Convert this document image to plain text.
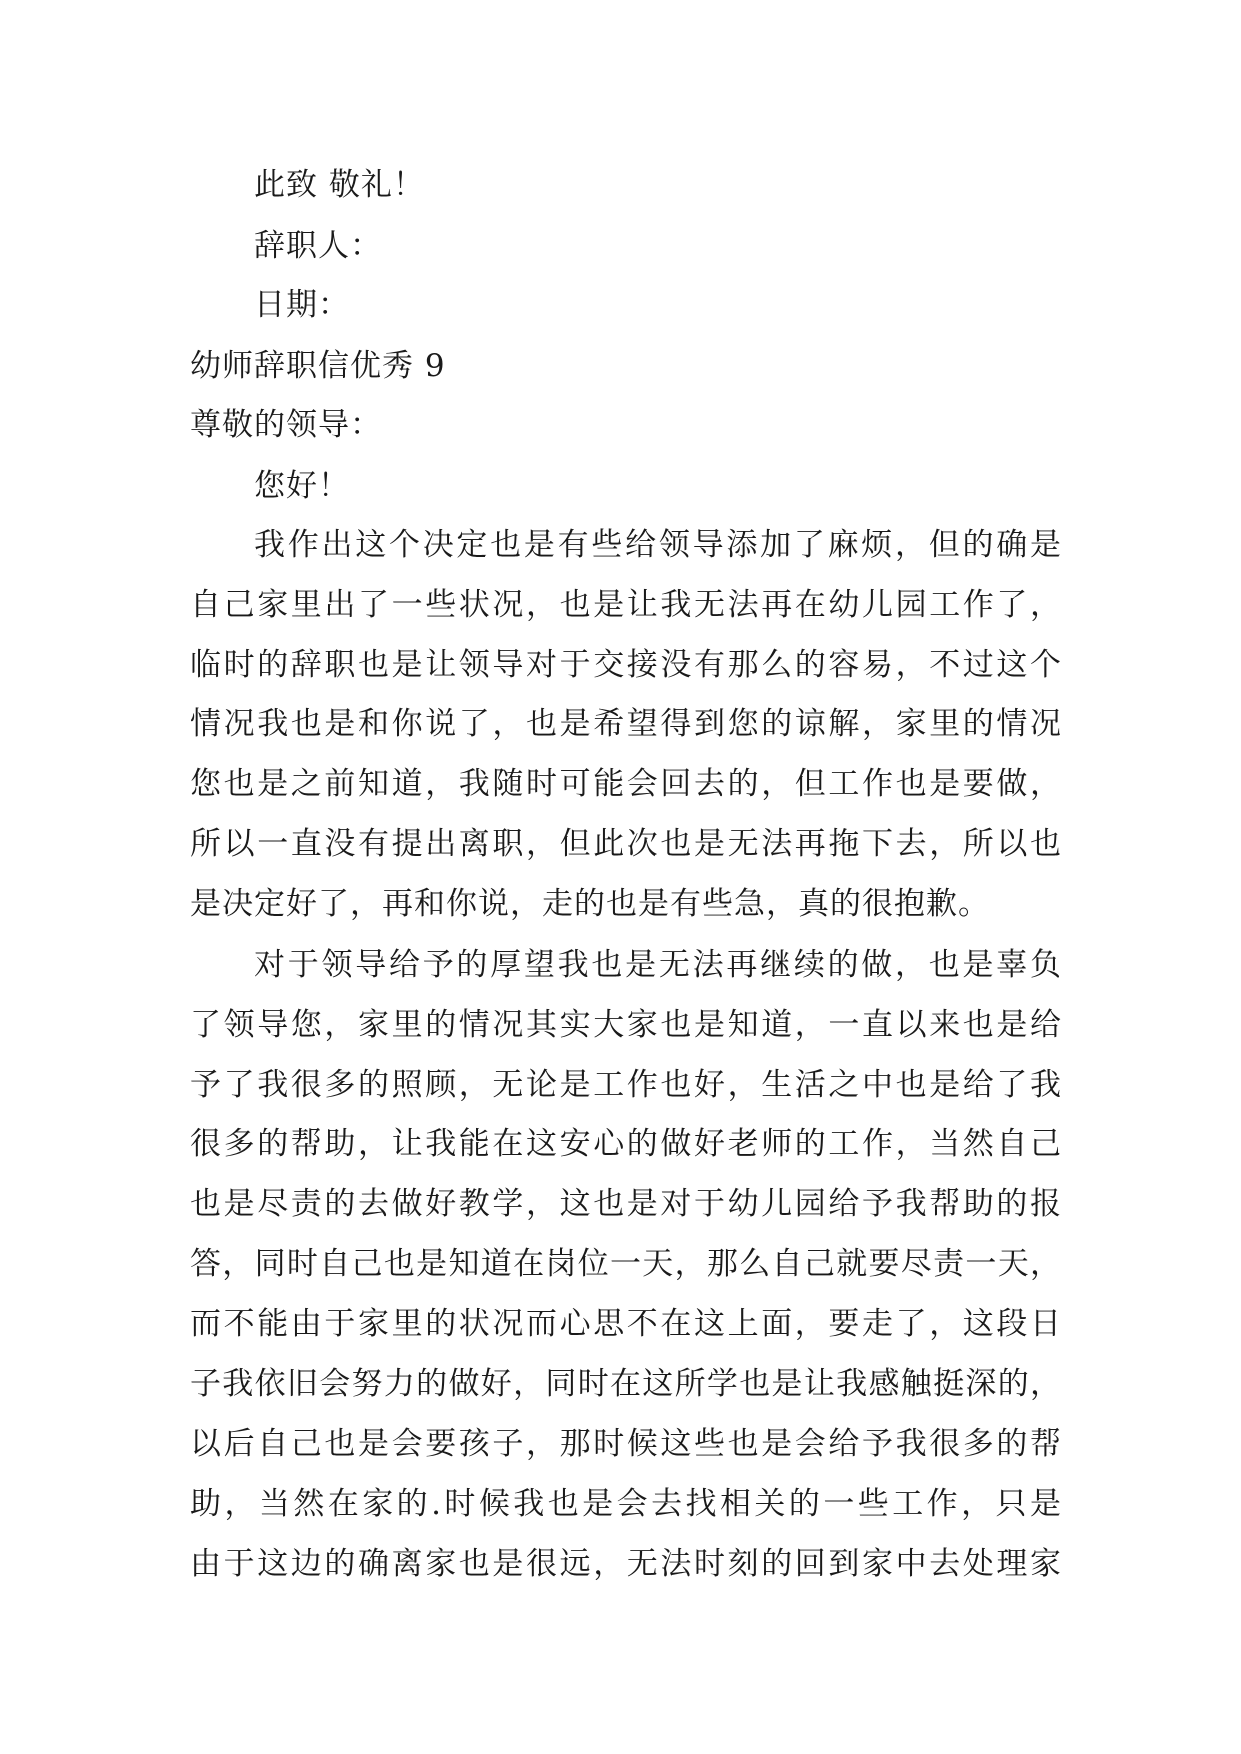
此致 敬礼！
辞职人：
日期：
幼师辞职信优秀 9
尊敬的领导：
您好！
我作出这个决定也是有些给领导添加了麻烦，但的确是
自己家里出了一些状况，也是让我无法再在幼儿园工作了，
临时的辞职也是让领导对于交接没有那么的容易，不过这个
情况我也是和你说了，也是希望得到您的谅解，家里的情况
您也是之前知道，我随时可能会回去的，但工作也是要做，
所以一直没有提出离职，但此次也是无法再拖下去，所以也
是决定好了，再和你说，走的也是有些急，真的很抱歉。
对于领导给予的厚望我也是无法再继续的做，也是辜负
了领导您，家里的情况其实大家也是知道，一直以来也是给
予了我很多的照顾，无论是工作也好，生活之中也是给了我
很多的帮助，让我能在这安心的做好老师的工作，当然自己
也是尽责的去做好教学，这也是对于幼儿园给予我帮助的报
答，同时自己也是知道在岗位一天，那么自己就要尽责一天，
而不能由于家里的状况而心思不在这上面，要走了，这段日
子我依旧会努力的做好，同时在这所学也是让我感触挺深的，
以后自己也是会要孩子，那时候这些也是会给予我很多的帮
助，当然在家的.时候我也是会去找相关的一些工作，只是
由于这边的确离家也是很远，无法时刻的回到家中去处理家
